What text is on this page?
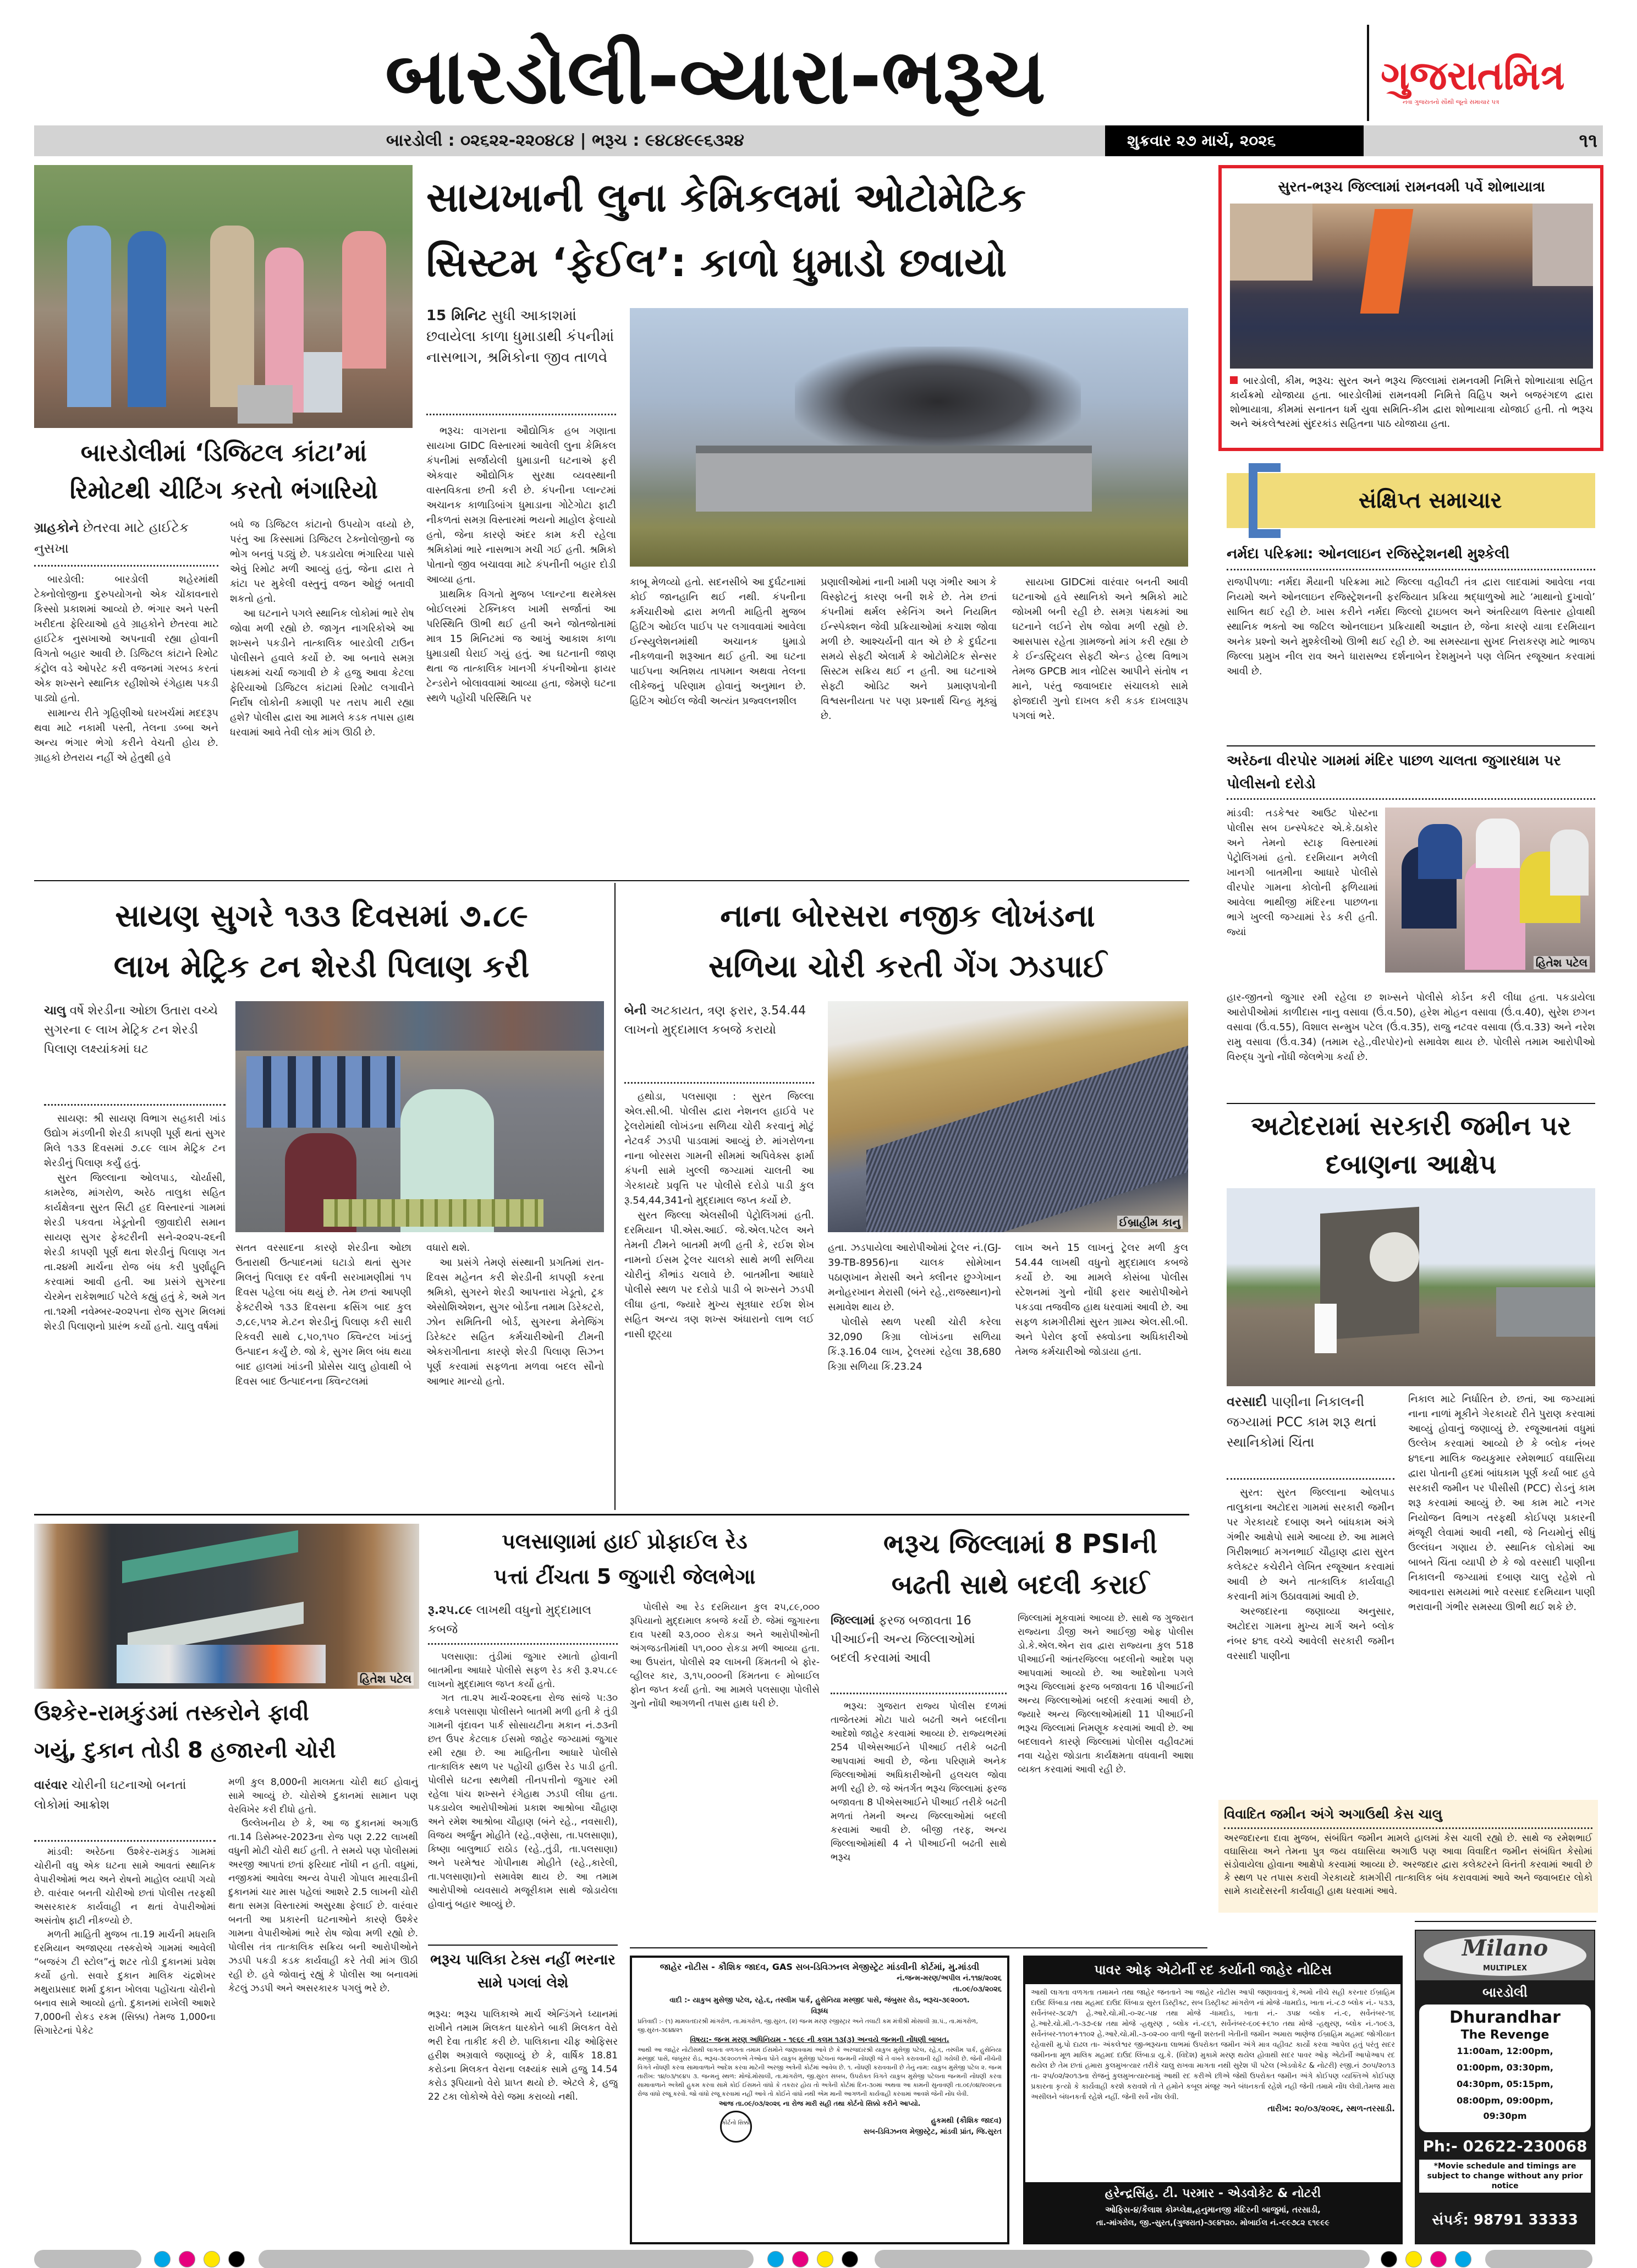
બારડોલી-વ્યારા-ભરૂચ	ગુજરાતમિત્ર
નવા ગુજરાતનો સૌથી જૂનો સમાચાર પત્ર
બારડોલી : ૦૨૬૨૨-૨૨૦૪૮૪ | ભરૂચ : ૯૪૮૪૯૯૬૩૨૪	શુક્રવાર ૨૭ માર્ચ, ૨૦૨૬	૧૧
સાયખાની લુના કેમિકલમાં ઓટોમેટિક
સિસ્ટમ ‘ફેઈલ’: કાળો ધુમાડો છવાયો
15 મિનિટ સુધી આકાશમાં છવાયેલા કાળા ધુમાડાથી કંપનીમાં નાસભાગ, શ્રમિકોના જીવ તાળવે

ભરૂચ: વાગરાના ઔદ્યોગિક હબ ગણાતા સાયખા GIDC વિસ્તારમાં આવેલી લુના કેમિકલ કંપનીમાં સર્જાયેલી ધુમાડાની ઘટનાએ ફરી એકવાર ઔદ્યોગિક સુરક્ષા વ્યવસ્થાની વાસ્તવિકતા છતી કરી છે. કંપનીના પ્લાન્ટમાં અચાનક કાળાડિબાંગ ધુમાડાના ગોટેગોટા ફાટી નીકળતાં સમગ્ર વિસ્તારમાં ભયનો માહોલ ફેલાયો હતો, જેના કારણે અંદર કામ કરી રહેલા શ્રમિકોમાં ભારે નાસભાગ મચી ગઈ હતી. શ્રમિકો પોતાનો જીવ બચાવવા માટે કંપનીની બહાર દોડી આવ્યા હતા.

પ્રાથમિક વિગતો મુજબ પ્લાન્ટના થરમેક્સ બોઈલરમાં ટેક્નિકલ ખામી સર્જાતાં આ પરિસ્થિતિ ઊભી થઈ હતી અને જોતજોતામાં માત્ર 15 મિનિટમાં જ આખું આકાશ કાળા ધુમાડાથી ઘેરાઈ ગયું હતું. આ ઘટનાની જાણ થતા જ તાત્કાલિક ખાનગી કંપનીઓના ફાયર ટેન્ડરોને બોલાવવામાં આવ્યા હતા, જેમણે ઘટના સ્થળે પહોંચી પરિસ્થિતિ પર

કાબૂ મેળવ્યો હતો. સદનસીબે આ દુર્ઘટનામાં કોઈ જાનહાનિ થઈ નથી. કંપનીના કર્મચારીઓ દ્વારા મળતી માહિતી મુજબ હિટિંગ ઓઈલ પાઈપ પર લગાવવામાં આવેલા ઈન્સ્યુલેશનમાંથી અચાનક ધુમાડો નીકળવાની શરૂઆત થઈ હતી. આ ઘટના પાઈપના અતિશય તાપમાન અથવા તેલના લીકેજનું પરિણામ હોવાનું અનુમાન છે. હિટિંગ ઓઈલ જેવી અત્યંત પ્રજ્વલનશીલ

પ્રણાલીઓમાં નાની ખામી પણ ગંભીર આગ કે વિસ્ફોટનું કારણ બની શકે છે. તેમ છતાં કંપનીમાં થર્મલ સ્કેનિંગ અને નિયમિત ઈન્સ્પેક્શન જેવી પ્રક્રિયાઓમાં કચાશ જોવા મળી છે. આશ્ચર્યની વાત એ છે કે દુર્ઘટના સમયે સેફ્ટી એલાર્મ કે ઓટોમેટિક સેન્સર સિસ્ટમ સક્રિય થઈ ન હતી. આ ઘટનાએ સેફ્ટી ઓડિટ અને પ્રમાણપત્રોની વિશ્વસનીયતા પર પણ પ્રશ્નાર્થ ચિન્હ મૂક્યું છે.

સાયખા GIDCમાં વારંવાર બનતી આવી ઘટનાઓ હવે સ્થાનિકો અને શ્રમિકો માટે જોખમી બની રહી છે. સમગ્ર પંથકમાં આ ઘટનાને લઈને રોષ જોવા મળી રહ્યો છે. આસપાસ રહેતા ગ્રામજનો માંગ કરી રહ્યા છે કે ઈન્ડસ્ટ્રિયલ સેફ્ટી એન્ડ હેલ્થ વિભાગ તેમજ GPCB માત્ર નોટિસ આપીને સંતોષ ન માને, પરંતુ જવાબદાર સંચાલકો સામે ફોજદારી ગુનો દાખલ કરી કડક દાખલારૂપ પગલાં ભરે.

બારડોલીમાં ‘ડિજિટલ કાંટા’માં
રિમોટથી ચીટિંગ કરતો ભંગારિયો
ગ્રાહકોને છેતરવા માટે હાઈટેક નુસખા

બારડોલી: બારડોલી શહેરમાંથી ટેક્નોલોજીના દુરુપયોગનો એક ચોંકાવનારો કિસ્સો પ્રકાશમાં આવ્યો છે. ભંગાર અને પસ્તી ખરીદતા ફેરિયાઓ હવે ગ્રાહકોને છેતરવા માટે હાઈટેક નુસખાઓ અપનાવી રહ્યા હોવાની વિગતો બહાર આવી છે. ડિજિટલ કાંટાને રિમોટ કંટ્રોલ વડે ઓપરેટ કરી વજનમાં ગરબડ કરતાં એક શખ્સને સ્થાનિક રહીશોએ રંગેહાથ પકડી પાડ્યો હતો.

સામાન્ય રીતે ગૃહિણીઓ ઘરખર્ચમાં મદદરૂપ થવા માટે નકામી પસ્તી, તેલના ડબ્બા અને અન્ય ભંગાર ભેગો કરીને વેચતી હોય છે. ગ્રાહકો છેતરાય નહીં એ હેતુથી હવે

બધે જ ડિજિટલ કાંટાનો ઉપયોગ વધ્યો છે, પરંતુ આ કિસ્સામાં ડિજિટલ ટેક્નોલોજીનો જ ભોગ બનવું પડ્યું છે. પકડાયેલા ભંગારિયા પાસે એવું રિમોટ મળી આવ્યું હતું, જેના દ્વારા તે કાંટા પર મુકેલી વસ્તુનું વજન ઓછું બતાવી શકતો હતો.

આ ઘટનાને પગલે સ્થાનિક લોકોમાં ભારે રોષ જોવા મળી રહ્યો છે. જાગૃત નાગરિકોએ આ શખ્સને પકડીને તાત્કાલિક બારડોલી ટાઉન પોલીસને હવાલે કર્યો છે. આ બનાવે સમગ્ર પંથકમાં ચર્ચા જગાવી છે કે હજુ આવા કેટલા ફેરિયાઓ ડિજિટલ કાંટામાં રિમોટ લગાવીને નિર્દોષ લોકોની કમાણી પર તરાપ મારી રહ્યા હશે? પોલીસ દ્વારા આ મામલે કડક તપાસ હાથ ધરવામાં આવે તેવી લોક માંગ ઊઠી છે.

સુરત-ભરૂચ જિલ્લામાં રામનવમી પર્વે શોભાયાત્રા
બારડોલી, કીમ, ભરૂચ: સુરત અને ભરૂચ જિલ્લામાં રામનવમી નિમિત્તે શોભાયાત્રા સહિત કાર્યક્રમો યોજાયા હતા. બારડોલીમાં રામનવમી નિમિત્તે વિહિપ અને બજરંગદળ દ્વારા શોભાયાત્રા, કીમમાં સનાતન ધર્મ યુવા સમિતિ-કીમ દ્વારા શોભાયાત્રા યોજાઈ હતી. તો ભરૂચ અને અંકલેશ્વરમાં સુંદરકાંડ સહિતના પાઠ યોજાયા હતા.
સંક્ષિપ્ત સમાચાર
નર્મદા પરિક્રમા: ઓનલાઇન રજિસ્ટ્રેશનથી મુશ્કેલી
રાજપીપળા: નર્મદા મૈયાની પરિક્રમા માટે જિલ્લા વહીવટી તંત્ર દ્વારા લાદવામાં આવેલા નવા નિયમો અને ઓનલાઇન રજિસ્ટ્રેશનની ફરજિયાત પ્રક્રિયા શ્રદ્ધાળુઓ માટે ‘માથાનો દુખાવો’ સાબિત થઈ રહી છે. ખાસ કરીને નર્મદા જિલ્લો ટ્રાઇબલ અને અંતરિયાળ વિસ્તાર હોવાથી સ્થાનિક ભક્તો આ જટિલ ઓનલાઇન પ્રક્રિયાથી અજ્ઞાત છે, જેના કારણે યાત્રા દરમિયાન અનેક પ્રશ્નો અને મુશ્કેલીઓ ઊભી થઈ રહી છે. આ સમસ્યાના સુખદ નિરાકરણ માટે ભાજપ જિલ્લા પ્રમુખ નીલ રાવ અને ધારાસભ્ય દર્શનાબેન દેશમુખને પણ લેખિત રજૂઆત કરવામાં આવી છે.
અરેઠના વીરપોર ગામમાં મંદિર પાછળ ચાલતા જુગારધામ પર પોલીસનો દરોડો
માંડવી: તડકેશ્વર આઉટ પોસ્ટના પોલીસ સબ ઇન્સ્પેક્ટર એ.કે.ઠાકોર અને તેમનો સ્ટાફ વિસ્તારમાં પેટ્રોલિંગમાં હતો. દરમિયાન મળેલી ખાનગી બાતમીના આધારે પોલીસે વીરપોર ગામના કોલોની ફળિયામાં આવેલા ભાથીજી મંદિરના પાછળના ભાગે ખુલ્લી જગ્યામાં રેડ કરી હતી. જ્યાં
હિતેશ પટેલ
હાર-જીતનો જુગાર રમી રહેલા છ શખ્સને પોલીસે કોર્ડન કરી લીધા હતા. પકડાયેલા આરોપીઓમાં કાળીદાસ નાનુ વસાવા (ઉં.વ.50), હરેશ મોહન વસાવા (ઉં.વ.40), સુરેશ છગન વસાવા (ઉં.વ.55), વિશાલ સન્મુખ પટેલ (ઉં.વ.35), રાજુ નટવર વસાવા (ઉં.વ.33) અને નરેશ રામુ વસાવા (ઉં.વ.34) (તમામ રહે.,વીરપોર)નો સમાવેશ થાય છે. પોલીસે તમામ આરોપીઓ વિરુદ્ધ ગુનો નોંધી જેલભેગા કર્યા છે.
અટોદરામાં સરકારી જમીન પર દબાણના આક્ષેપ
વરસાદી પાણીના નિકાલની જગ્યામાં PCC કામ શરૂ થતાં સ્થાનિકોમાં ચિંતા

સુરત: સુરત જિલ્લાના ઓલપાડ તાલુકાના અટોદરા ગામમાં સરકારી જમીન પર ગેરકાયદે દબાણ અને બાંધકામ અંગે ગંભીર આક્ષેપો સામે આવ્યા છે. આ મામલે ગિરીશભાઈ મગનભાઈ ચૌહાણ દ્વારા સુરત કલેક્ટર કચેરીને લેખિત રજૂઆત કરવામાં આવી છે અને તાત્કાલિક કાર્યવાહી કરવાની માંગ ઉઠાવવામાં આવી છે.

અરજદારના જણાવ્યા અનુસાર, અટોદરા ગામના મુખ્ય માર્ગ અને બ્લોક નંબર ૪૧૬ વચ્ચે આવેલી સરકારી જમીન વરસાદી પાણીના

નિકાલ માટે નિર્ધારિત છે. છતાં, આ જગ્યામાં નાના નાળાં મૂકીને ગેરકાયદે રીતે પુરાણ કરવામાં આવ્યું હોવાનું જણાવ્યું છે. રજૂઆતમાં વધુમાં ઉલ્લેખ કરવામાં આવ્યો છે કે બ્લોક નંબર ૪૧૬ના માલિક જયકુમાર રમેશભાઈ વઘાસિયા દ્વારા પોતાની હદમાં બાંધકામ પૂર્ણ કર્યા બાદ હવે સરકારી જમીન પર પીસીસી (PCC) રોડનું કામ શરૂ કરવામાં આવ્યું છે. આ કામ માટે નગર નિયોજન વિભાગ તરફથી કોઈપણ પ્રકારની મંજૂરી લેવામાં આવી નથી, જે નિયમોનું સીધું ઉલ્લંઘન ગણાય છે. સ્થાનિક લોકોમાં આ બાબતે ચિંતા વ્યાપી છે કે જો વરસાદી પાણીના નિકાલની જગ્યામાં દબાણ ચાલુ રહેશે તો આવનારા સમયમાં ભારે વરસાદ દરમિયાન પાણી ભરાવાની ગંભીર સમસ્યા ઊભી થઈ શકે છે.

વિવાદિત જમીન અંગે અગાઉથી કેસ ચાલુ
અરજદારના દાવા મુજબ, સંબંધિત જમીન મામલે હાલમાં કેસ ચાલી રહ્યો છે. સાથે જ રમેશભાઈ વઘાસિયા અને તેમના પુત્ર જય વઘાસિયા અગાઉ પણ આવા વિવાદિત જમીન સંબંધિત કેસોમાં સંડોવાયેલા હોવાના આક્ષેપો કરવામાં આવ્યા છે. અરજદાર દ્વારા કલેક્ટરને વિનંતી કરવામાં આવી છે કે સ્થળ પર તપાસ કરાવી ગેરકાયદે કામગીરી તાત્કાલિક બંધ કરાવવામાં આવે અને જવાબદાર લોકો સામે કાયદેસરની કાર્યવાહી હાથ ધરવામાં આવે.
સાયણ સુગરે ૧૩૩ દિવસમાં ૭.૮૯
લાખ મેટ્રિક ટન શેરડી પિલાણ કરી
ચાલુ વર્ષે શેરડીના ઓછા ઉતારા વચ્ચે સુગરના ૯ લાખ મેટ્રિક ટન શેરડી પિલાણ લક્ષ્યાંકમાં ઘટ

સાયણ: શ્રી સાયણ વિભાગ સહકારી ખાંડ ઉદ્યોગ મંડળીની શેરડી કાપણી પૂર્ણ થતાં સુગર મિલે ૧૩૩ દિવસમાં ૭.૮૯ લાખ મેટ્રિક ટન શેરડીનું પિલાણ કર્યું હતું.

સુરત જિલ્લાના ઓલપાડ, ચોર્યાસી, કામરેજ, માંગરોળ, અરેઠ તાલુકા સહિત કાર્યક્ષેત્રના સુરત સિટી હદ વિસ્તારનાં ગામમાં શેરડી પકવતા ખેડૂતોની જીવાદોરી સમાન સાયણ સુગર ફેક્ટરીની સને-૨૦૨૫-૨૬ની શેરડી કાપણી પૂર્ણ થતા શેરડીનું પિલાણ ગત તા.૨૪મી માર્ચના રોજ બંધ કરી પુર્ણાહૂતિ કરવામાં આવી હતી. આ પ્રસંગે સુગરના ચેરમેન રાકેશભાઈ પટેલે કહ્યું હતું કે, અમે ગત તા.૧૨મી નવેમ્બર-૨૦૨૫ના રોજ સુગર મિલમાં શેરડી પિલાણનો પ્રારંભ કર્યો હતો. ચાલુ વર્ષમાં

સતત વરસાદના કારણે શેરડીના ઓછા ઉતારાથી ઉત્પાદનમાં ઘટાડો થતાં સુગર મિલનું પિલાણ દર વર્ષની સરખામણીમાં ૧૫ દિવસ પહેલા બંધ થયું છે. તેમ છતાં આપણી ફેક્ટરીએ ૧૩૩ દિવસના ક્રસિંગ બાદ કુલ ૭,૮૯,૫૧૨ મે.ટન શેરડીનું પિલાણ કરી સારી રિકવરી સાથે ૮,૫૦,૧૫૦ ક્વિન્ટલ ખાંડનું ઉત્પાદન કર્યું છે. જો કે, સુગર મિલ બંધ થયા બાદ હાલમાં ખાંડની પ્રોસેસ ચાલુ હોવાથી બે દિવસ બાદ ઉત્પાદનના ક્વિન્ટલમાં

વધારો થશે.

આ પ્રસંગે તેમણે સંસ્થાની પ્રગતિમાં રાત- દિવસ મહેનત કરી શેરડીની કાપણી કરતા શ્રમિકો, સુગરને શેરડી આપનારા ખેડૂતો, ટ્રક એસોશિએશન, સુગર બોર્ડના તમામ ડિરેક્ટરો, ઝોન સમિતિની બોર્ડ, સુગરના મેનેજિંગ ડિરેક્ટર સહિત કર્મચારીઓની ટીમની એકરાગીતાના કારણે શેરડી પિલાણ સિઝન પૂર્ણ કરવામાં સફળતા મળવા બદલ સૌનો આભાર માન્યો હતો.

નાના બોરસરા નજીક લોખંડના
સળિયા ચોરી કરતી ગેંગ ઝડપાઈ
બેની અટકાયત, ત્રણ ફરાર, રૂ.54.44 લાખનો મુદ્દામાલ કબજે કરાયો
ઈબ્રાહીમ કાનુ

હથોડા, પલસાણા : સુરત જિલ્લા એલ.સી.બી. પોલીસ દ્વારા નેશનલ હાઈવે પર ટ્રેલરોમાંથી લોખંડના સળિયા ચોરી કરવાનું મોટું નેટવર્ક ઝડપી પાડવામાં આવ્યું છે. માંગરોળના નાના બોરસરા ગામની સીમમાં અપિવેક્સ ફાર્મા કંપની સામે ખુલ્લી જગ્યામાં ચાલતી આ ગેરકાયદે પ્રવૃત્તિ પર પોલીસે દરોડો પાડી કુલ રૂ.54,44,341નો મુદ્દામાલ જપ્ત કર્યો છે.

સુરત જિલ્લા એલસીબી પેટ્રોલિંગમાં હતી. દરમિયાન પી.એસ.આઈ. જે.એલ.પટેલ અને તેમની ટીમને બાતમી મળી હતી કે, રઈશ શેખ નામનો ઈસમ ટ્રેલર ચાલકો સાથે મળી સળિયા ચોરીનું કૌભાંડ ચલાવે છે. બાતમીના આધારે પોલીસે સ્થળ પર દરોડો પાડી બે શખ્સને ઝડપી લીધા હતા, જ્યારે મુખ્ય સૂત્રધાર રઈશ શેખ સહિત અન્ય ત્રણ શખ્સ અંધારાનો લાભ લઈ નાસી છૂટ્યા

હતા. ઝડપાયેલા આરોપીઓમાં ટ્રેલર નં.(GJ-39-TB-8956)ના ચાલક સોમેખાન પઠાણખાન મેરાસી અને ક્લીનર છુગ્ગેખાન મનોહરખાન મેરાસી (બંને રહે.,રાજસ્થાન)નો સમાવેશ થાય છે.

પોલીસે સ્થળ પરથી ચોરી કરેલા 32,090 કિગ્રા લોખંડના સળિયા કિં.રૂ.16.04 લાખ, ટ્રેલરમાં રહેલા 38,680 કિગ્રા સળિયા કિં.23.24

લાખ અને 15 લાખનું ટ્રેલર મળી કુલ 54.44 લાખથી વધુનો મુદ્દામાલ કબજે કર્યો છે. આ મામલે કોસંબા પોલીસ સ્ટેશનમાં ગુનો નોંધી ફરાર આરોપીઓને પકડવા તજવીજ હાથ ધરવામાં આવી છે. આ સફળ કામગીરીમાં સુરત ગ્રામ્ય એલ.સી.બી. અને પેરોલ ફર્લો સ્ક્વોડના અધિકારીઓ તેમજ કર્મચારીઓ જોડાયા હતા.

હિતેશ પટેલ
ઉશ્કેર-રામકુંડમાં તસ્કરોને ફાવી
ગયું, દુકાન તોડી 8 હજારની ચોરી
વારંવાર ચોરીની ઘટનાઓ બનતાં લોકોમાં આક્રોશ

માંડવી: અરેઠના ઉશ્કેર-રામકુંડ ગામમાં ચોરીની વધુ એક ઘટના સામે આવતાં સ્થાનિક વેપારીઓમાં ભય અને રોષનો માહોલ વ્યાપી ગયો છે. વારંવાર બનતી ચોરીઓ છતાં પોલીસ તરફથી અસરકારક કાર્યવાહી ન થતાં વેપારીઓમાં અસંતોષ ફાટી નીકળ્યો છે.

મળતી માહિતી મુજબ તા.19 માર્ચની મધરાત્રિ દરમિયાન અજાણ્યા તસ્કરોએ ગામમાં આવેલી “બજરંગ ટી સ્ટોલ”નું શટર તોડી દુકાનમાં પ્રવેશ કર્યો હતો. સવારે દુકાન માલિક ચંદ્રશેખર મથુરાપ્રસાદ શર્મા દુકાન ખોલવા પહોંચતા ચોરીનો બનાવ સામે આવ્યો હતો. દુકાનમાં રાખેલી આશરે 7,000ની રોકડ રકમ (સિક્કા) તેમજ 1,000ના સિગારેટનાં પેકેટ

મળી કુલ 8,000ની માલમતા ચોરી થઈ હોવાનું સામે આવ્યું છે. ચોરોએ દુકાનમાં સામાન પણ વેરવિખેર કરી દીધો હતો.

ઉલ્લેખનીય છે કે, આ જ દુકાનમાં અગાઉ તા.14 ડિસેમ્બર-2023ના રોજ પણ 2.22 લાખથી વધુની મોટી ચોરી થઈ હતી. તે સમયે પણ પોલીસમાં અરજી આપતાં છતાં ફરિયાદ નોંધી ન હતી. વધુમાં, નજીકમાં આવેલા અન્ય વેપારી ગોપાલ મારવાડીની દુકાનમાં ચાર માસ પહેલાં આશરે 2.5 લાખની ચોરી થતા સમગ્ર વિસ્તારમાં અસુરક્ષા ફેલાઈ છે. વારંવાર બનતી આ પ્રકારની ઘટનાઓને કારણે ઉશ્કેર ગામના વેપારીઓમાં ભારે રોષ જોવા મળી રહ્યો છે. પોલીસ તંત્ર તાત્કાલિક સક્રિય બની આરોપીઓને ઝડપી પકડી કડક કાર્યવાહી કરે તેવી માંગ ઊઠી રહી છે. હવે જોવાનું રહ્યું કે પોલીસ આ બનાવમાં કેટલું ઝડપી અને અસરકારક પગલું ભરે છે.

પલસાણામાં હાઈ પ્રોફાઈલ રેડ
પત્તાં ટીંચતા 5 જુગારી જેલભેગા
રૂ.૨૫.૮૯ લાખથી વધુનો મુદ્દામાલ કબજે

પલસાણા: તુંડીમાં જુગાર રમાતો હોવાની બાતમીના આધારે પોલીસે સફળ રેડ કરી રૂ.૨૫.૮૯ લાખનો મુદ્દામાલ જપ્ત કર્યો હતો.

ગત તા.૨૫ માર્ચ-૨૦૨૬ના રોજ સાંજે ૫:૩૦ કલાકે પલસાણા પોલીસને બાતમી મળી હતી કે તુંડી ગામની વૃંદાવન પાર્ક સોસાયટીના મકાન નં.૭૩ની છત ઉપર કેટલાક ઈસમો જાહેર જગ્યામાં જુગાર રમી રહ્યા છે. આ માહિતીના આધારે પોલીસે તાત્કાલિક સ્થળ પર પહોંચી હાઉસ રેડ પાડી હતી. પોલીસે ઘટના સ્થળેથી તીનપત્તીનો જુગાર રમી રહેલા પાંચ શખ્સને રંગેહાથ ઝડપી લીધા હતા. પકડાયેલ આરોપીઓમાં પ્રકાશ આશ્રોબા ચૌહાણ અને રમેશ આશ્રોબા ચૌહાણ (બંને રહે., નવસારી), વિજય અર્જુન મોહીતે (રહે.,વણેસા, તા.પલસાણા), કિષ્ણા બાલુભાઈ રાઠોડ (રહે.,તુંડી, તા.પલસાણા) અને પરમેશ્વર ગોપીનાથ મોહીતે (રહે.,કારેલી, તા.પલસાણા)નો સમાવેશ થાય છે. આ તમામ આરોપીઓ વ્યવસાયે મજૂરીકામ સાથે જોડાયેલા હોવાનું બહાર આવ્યું છે.

પોલીસે આ રેડ દરમિયાન કુલ ૨૫,૮૯,૦૦૦ રૂપિયાનો મુદ્દામાલ કબજે કર્યો છે. જેમાં જુગારના દાવ પરથી ૨૩,૦૦૦ રોકડા અને આરોપીઓની અંગજડતીમાંથી ૫૧,૦૦૦ રોકડા મળી આવ્યા હતા. આ ઉપરાંત, પોલીસે ૨૨ લાખની કિંમતની બે ફોર-વ્હીલર કાર, ૩,૧૫,૦૦૦ની કિંમતના ૯ મોબાઈલ ફોન જપ્ત કર્યા હતો. આ મામલે પલસાણા પોલીસે ગુનો નોંધી આગળની તપાસ હાથ ધરી છે.

ભરૂચ પાલિકા ટેક્સ નહીં ભરનાર સામે પગલાં લેશે
ભરૂચ: ભરૂચ પાલિકાએ માર્ચ એન્ડિંગને ધ્યાનમાં રાખીને તમામ મિલકત ધારકોને બાકી મિલકત વેરો ભરી દેવા તાકીદ કરી છે. પાલિકાના ચીફ ઓફિસર હરીશ અગ્રવાલે જણાવ્યું છે કે, વાર્ષિક 18.81 કરોડના મિલકત વેરાના લક્ષ્યાંક સામે હજુ 14.54 કરોડ રૂપિયાનો વેરો પ્રાપ્ત થયો છે. એટલે કે, હજુ 22 ટકા લોકોએ વેરો જમા કરાવ્યો નથી.
ભરૂચ જિલ્લામાં 8 PSIની
બઢતી સાથે બદલી કરાઈ
જિલ્લામાં ફરજ બજાવતા 16 પીઆઈની અન્ય જિલ્લાઓમાં બદલી કરવામાં આવી

ભરૂચ: ગુજરાત રાજ્ય પોલીસ દળમાં તાજેતરમાં મોટા પાયે બઢતી અને બદલીના આદેશો જાહેર કરવામાં આવ્યા છે. રાજ્યભરમાં 254 પીએસઆઈને પીઆઈ તરીકે બઢતી આપવામાં આવી છે, જેના પરિણામે અનેક જિલ્લાઓમાં અધિકારીઓની હલચલ જોવા મળી રહી છે. જે અંતર્ગત ભરૂચ જિલ્લામાં ફરજ બજાવતા 8 પીએસઆઈને પીઆઈ તરીકે બઢતી મળતાં તેમની અન્ય જિલ્લાઓમાં બદલી કરવામાં આવી છે. બીજી તરફ, અન્ય જિલ્લાઓમાંથી 4 ને પીઆઈની બઢતી સાથે ભરૂચ

જિલ્લામાં મૂકવામાં આવ્યા છે. સાથે જ ગુજરાત રાજ્યના ડીજી અને આઈજી ઓફ પોલીસ ડો.કે.એલ.એન રાવ દ્વારા રાજ્યના કુલ 518 પીઆઈની આંતરજિલ્લા બદલીનો આદેશ પણ આપવામાં આવ્યો છે. આ આદેશોના પગલે ભરૂચ જિલ્લામાં ફરજ બજાવતા 16 પીઆઈની અન્ય જિલ્લાઓમાં બદલી કરવામાં આવી છે, જ્યારે અન્ય જિલ્લાઓમાંથી 11 પીઆઈની ભરૂચ જિલ્લામાં નિમણૂક કરવામાં આવી છે. આ બદલાવને કારણે જિલ્લામાં પોલીસ વહીવટમાં નવા ચહેરા જોડાતા કાર્યક્ષમતા વધવાની આશા વ્યક્ત કરવામાં આવી રહી છે.

જાહેર નોટીસ - કૌશિક જાદવ, GAS સબ-ડિવિઝનલ મેજીસ્ટ્રેટ માંડવીની કોર્ટમાં, મુ.માંડવી
નં.જન્મ-મરણ/અપીલ નં.૧૧૪/૨૦૨૬
તા.૦૯/૦૩/૨૦૨૬
વાદી :- યાકુબ મુસેજી પટેલ, રહે.૬, તસ્લીમ પાર્ક, હુસેનિયા મસ્જીદ પાસે, જંબુસર રોડ, ભરૂચ-૩૯૨૦૦૧.
વિરૂધ્ધ
પ્રતિવાદી :- (૧) મામલતદારશ્રી માંગરોળ, તા.માંગરોળ, જી.સુરત, (૨) જન્મ મરણ રજીસ્ટ્રાર અને તલાટી કમ મંત્રીશ્રી મોસાલી ગ્રા.પં., તા.માંગરોળ, જી.સુરત-૩૯૪૪૨૧
વિષય:- જન્મ મરણ અધિનિયમ - ૧૯૬૯ ની કલમ ૧૩(૩) અન્વયે જન્મની નોંધણી બાબત.
આથી આ જાહેર નોટીસથી લાગતા વળગતા તમામ ઈસમોને જણાવવામાં આવે છે કે અરજદારશ્રી યાકુબ મુસેજી પટેલ, રહે.૬, તસ્લીમ પાર્ક, હુસેનિયા મસ્જીદ પાસે, જંબુસર રોડ, ભરૂચ-૩૯૨૦૦૧એ તેઓના પોતે યાકુબ મુસેજી પટેલનાં જન્મની નોંધણી જે તે વખતે કરાવવાની રહી ગયેલી છે. જેની નીચેની વિગતે નોંધણી કરવા સામાવાળાને આદેશ કરવા માટેની અરજી અત્રેની કોર્ટમાં આવેલ છે. ૧. નોંધણી કરાવવાની છે તેનું નામ: યાકુબ મુસેજી પટેલ ૨. જન્મ તારીખ: ૧૪/૦૩/૧૯૪૫ ૩. જન્મનું સ્થળ: મોજે.મોસાલી, તા.માંગરોળ, જી.સુરત સબબ, ઉપરોક્ત વિગતે યાકુબ મુસેજી પટેલના જન્મની નોંધણી કરવા સામાવાળાને અત્રેથી હુકમ કરવા સામે કોઈ ઈસમને વાંધો કે તકરાર હોય તો અત્રેની કોર્ટમાં દિન-૩૦માં અથવા આ કામની સુનાવણી તા.૦૯/૦૪/૨૦૨૬ના રોજ વાંધો રજૂ કરવો. જો વાંધો રજૂ કરવામાં નહીં આવે તો કોઈને વાંધો નથી એમ માની આગળની કાર્યવાહી કરવામાં આવશે જેની નોંધ લેવી.
આજ તા.૦૯/૦૩/૨૦૨૬ ના રોજ મારી સહી તથા કોર્ટનો સિક્કો કરીને આપ્યો.
કોર્ટનો સિક્કો	હુકમથી (કૌશિક જાદવ)
સબ-ડિવિઝનલ મેજીસ્ટ્રેટ, માંડવી પ્રાંત, જિ.સુરત
પાવર ઓફ એટોર્ની રદ કર્યાની જાહેર નોટિસ
આથી લાગતા વળગતા તમામને તથા જાહેર જનતાને આ જાહેર નોટીસ આપી જણાવવાનું કે,અમો નીચે સહી કરનાર ઈબ્રાહિમ દાઉદ લિંબાડા તથા મહમદ દાઉદ લિંબાડા સુરત ડિસ્ટ્રીક્ટ, સબ ડિસ્ટ્રીક્ટ માંગરોળ નાં મોજે -ધામદોડ, ખાતા નં.-૮૭ બ્લોક નં.- ૫૩૩, સર્વેનંબર-૩૮૨/૧ હે.આરે.ચો.મી.-૦-૨૮-૫૪ તથા મોજે -ધામદોડ, ખાતા નં.- ૩૫૪ બ્લોક નં.-૯, સર્વેનંબર-૧૬ હે.આરે.ચો.મી.-૧-૩૭-૯૪ તથા મોજે -હથુરણ , બ્લોક નં.-૮૬૧, સર્વેનંબર-૬૦૯+૬૧૦ તથા મોજે -હથુરણ, બ્લોક નં.-૧૦૯૩, સર્વેનંબર-૧૧૦૧+૧૧૦૨ હે.આરે.ચો.મી.-૩-૦૨-૦૦ વાળી જુની શરતની ખેતીની જમીન અમારા ભાણેજ ઈબ્રાહિમ મહમદ જોગીયાત રહેવાસી મુ.પો દાઢલ તા- અંકલેશ્વર જી-ભરૂચના લાભમાં ઉપરોક્ત જમીન અંગે માત્ર વહીવટ કાર્યો કરવા આપેલ હતું પરંતુ સદર જમીનના મૂળ માલિક મહમદ દાઉદ લિંબાડા યુ.કે. (વિદેશ) મુકામે મરણ થયેલ હોવાથી સદર પાવર ઓફ એટોર્ની આપોઆપ રદ થયેલ છે તેમ છતાં હમારા કુલમુખત્યાર તરીકે ચાલુ રાખવા માગતા નથી સુરેશ પી પટેલ (એડવોકેટ & નોટરી) રજી.નં ૭૦૫/૨૦૧૩ તા- ૨૫/૦૨/૨૦૧૩ના રોજનું કુલમુખત્યારનામું આથી રદ કરીએ છીએ જેથી ઉપરોક્ત જમીન અંગે કોઈપણ વ્યક્તિએ કોઈપણ પ્રકારના કૃત્યો કે કાર્યવાહી કરશે કરાવશે તો તે હમોને કબૂલ મંજૂર અને બંધનકર્તા રહેશે નહી જેની તમામે નોંધ લેવી.તેમજ મારા અસીલને બંધનકર્તા રહેશે નહીં. જેની સર્વે નોંધ લેવી.
તારીખ: ૨૦/૦૩/૨૦૨૬, સ્થળ-તરસાડી.
હરેન્દ્રસિંહ. ટી. પરમાર - એડવોકેટ & નોટરી
ઓફિસ-૪/કૈલાશ કોમ્પ્લેક્ષ,હનુમાનજી મંદિરની બાજુમાં, તરસાડી,
તા.-માંગરોલ, જી.-સુરત,(ગુજરાત)-૩૯૪૧૨૦. મોબાઈલ નં.-૯૯૭૮૨ ૬૧૯૯૯
Milano
MULTIPLEX
બારડોલી
Dhurandhar
The Revenge
11:00am, 12:00pm,
01:00pm, 03:30pm,
04:30pm, 05:15pm,
08:00pm, 09:00pm,
09:30pm
Ph:- 02622-230068
*Movie schedule and timings are subject to change without any prior notice
સંપર્ક: 98791 33333
